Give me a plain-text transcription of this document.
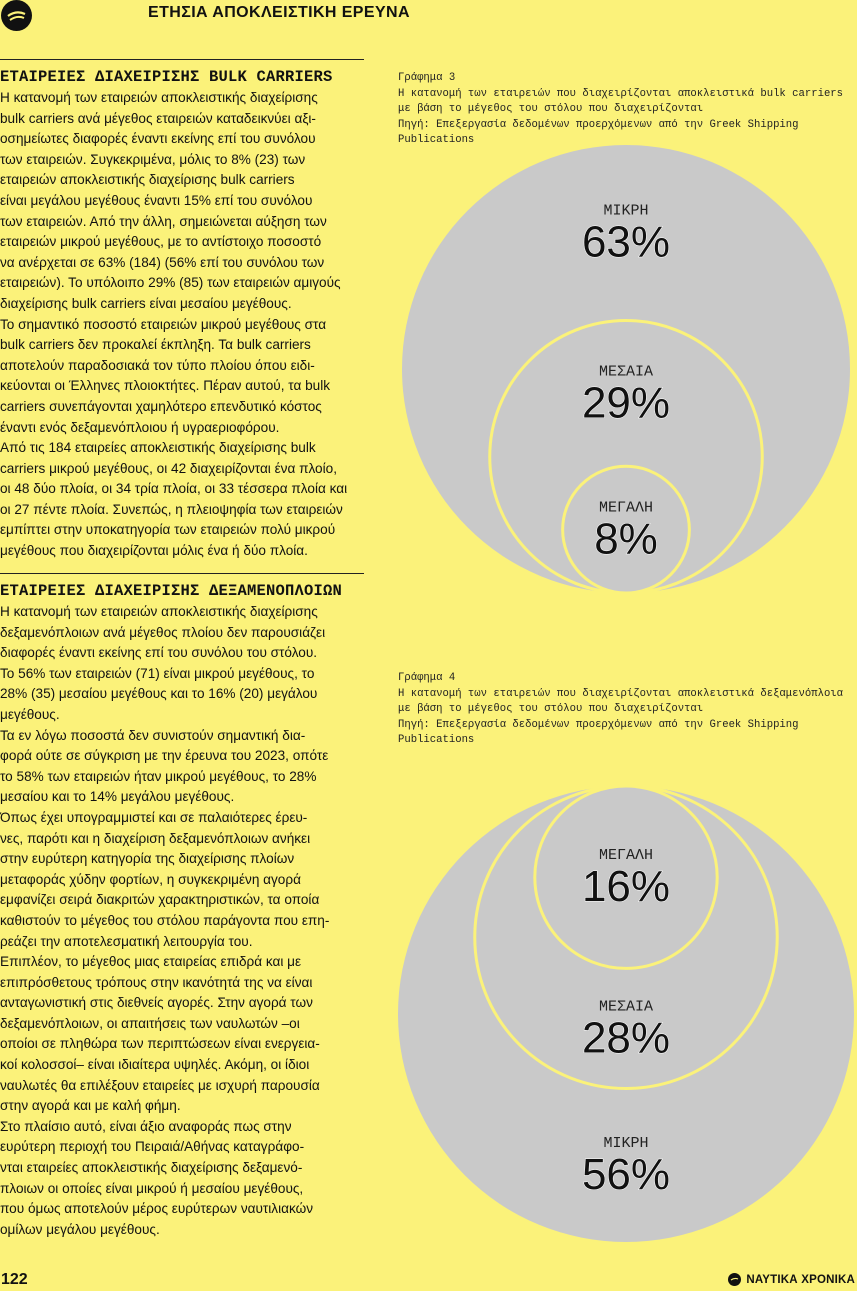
ΕΤΗΣΙΑ ΑΠΟΚΛΕΙΣΤΙΚΗ ΕΡΕΥΝΑ
ΕΤΑΙΡΕΙΕΣ ΔΙΑΧΕΙΡΙΣΗΣ BULK CARRIERS

Η κατανομή των εταιρειών αποκλειστικής διαχείρισης

bulk carriers ανά μέγεθος εταιρειών καταδεικνύει αξι-

οσημείωτες διαφορές έναντι εκείνης επί του συνόλου

των εταιρειών. Συγκεκριμένα, μόλις το 8% (23) των

εταιρειών αποκλειστικής διαχείρισης bulk carriers

είναι μεγάλου μεγέθους έναντι 15% επί του συνόλου

των εταιρειών. Από την άλλη, σημειώνεται αύξηση των

εταιρειών μικρού μεγέθους, με το αντίστοιχο ποσοστό

να ανέρχεται σε 63% (184) (56% επί του συνόλου των

εταιρειών). Το υπόλοιπο 29% (85) των εταιρειών αμιγούς

διαχείρισης bulk carriers είναι μεσαίου μεγέθους.

Το σημαντικό ποσοστό εταιρειών μικρού μεγέθους στα

bulk carriers δεν προκαλεί έκπληξη. Τα bulk carriers

αποτελούν παραδοσιακά τον τύπο πλοίου όπου ειδι-

κεύονται οι Έλληνες πλοιοκτήτες. Πέραν αυτού, τα bulk

carriers συνεπάγονται χαμηλότερο επενδυτικό κόστος

έναντι ενός δεξαμενόπλοιου ή υγραεριοφόρου.

Από τις 184 εταιρείες αποκλειστικής διαχείρισης bulk

carriers μικρού μεγέθους, οι 42 διαχειρίζονται ένα πλοίο,

οι 48 δύο πλοία, οι 34 τρία πλοία, οι 33 τέσσερα πλοία και

οι 27 πέντε πλοία. Συνεπώς, η πλειοψηφία των εταιρειών

εμπίπτει στην υποκατηγορία των εταιρειών πολύ μικρού

μεγέθους που διαχειρίζονται μόλις ένα ή δύο πλοία.

ΕΤΑΙΡΕΙΕΣ ΔΙΑΧΕΙΡΙΣΗΣ ΔΕΞΑΜΕΝΟΠΛΟΙΩΝ

Η κατανομή των εταιρειών αποκλειστικής διαχείρισης

δεξαμενόπλοιων ανά μέγεθος πλοίου δεν παρουσιάζει

διαφορές έναντι εκείνης επί του συνόλου του στόλου.

Το 56% των εταιρειών (71) είναι μικρού μεγέθους, το

28% (35) μεσαίου μεγέθους και το 16% (20) μεγάλου

μεγέθους.

Τα εν λόγω ποσοστά δεν συνιστούν σημαντική δια-

φορά ούτε σε σύγκριση με την έρευνα του 2023, οπότε

το 58% των εταιρειών ήταν μικρού μεγέθους, το 28%

μεσαίου και το 14% μεγάλου μεγέθους.

Όπως έχει υπογραμμιστεί και σε παλαιότερες έρευ-

νες, παρότι και η διαχείριση δεξαμενόπλοιων ανήκει

στην ευρύτερη κατηγορία της διαχείρισης πλοίων

μεταφοράς χύδην φορτίων, η συγκεκριμένη αγορά

εμφανίζει σειρά διακριτών χαρακτηριστικών, τα οποία

καθιστούν το μέγεθος του στόλου παράγοντα που επη-

ρεάζει την αποτελεσματική λειτουργία του.

Επιπλέον, το μέγεθος μιας εταιρείας επιδρά και με

επιπρόσθετους τρόπους στην ικανότητά της να είναι

ανταγωνιστική στις διεθνείς αγορές. Στην αγορά των

δεξαμενόπλοιων, οι απαιτήσεις των ναυλωτών –οι

οποίοι σε πληθώρα των περιπτώσεων είναι ενεργεια-

κοί κολοσσοί– είναι ιδιαίτερα υψηλές. Ακόμη, οι ίδιοι

ναυλωτές θα επιλέξουν εταιρείες με ισχυρή παρουσία

στην αγορά και με καλή φήμη.

Στο πλαίσιο αυτό, είναι άξιο αναφοράς πως στην

ευρύτερη περιοχή του Πειραιά/Αθήνας καταγράφο-

νται εταιρείες αποκλειστικής διαχείρισης δεξαμενό-

πλοιων οι οποίες είναι μικρού ή μεσαίου μεγέθους,

που όμως αποτελούν μέρος ευρύτερων ναυτιλιακών

ομίλων μεγάλου μεγέθους.

Γράφημα 3
Η κατανομή των εταιρειών που διαχειρίζονται αποκλειστικά bulk carriers
με βάση το μέγεθος του στόλου που διαχειρίζονται
Πηγή: Επεξεργασία δεδομένων προερχόμενων από την Greek Shipping
Publications
Γράφημα 4
Η κατανομή των εταιρειών που διαχειρίζονται αποκλειστικά δεξαμενόπλοια
με βάση το μέγεθος του στόλου που διαχειρίζονται
Πηγή: Επεξεργασία δεδομένων προερχόμενων από την Greek Shipping
Publications
ΜΙΚΡΗ
63%
ΜΕΣΑΙΑ
29%
ΜΕΓΑΛΗ
8%
ΜΙΚΡΗ
56%
ΜΕΣΑΙΑ
28%
ΜΕΓΑΛΗ
16%
122	ΝΑΥΤΙΚΑ ΧΡΟΝΙΚΑ
